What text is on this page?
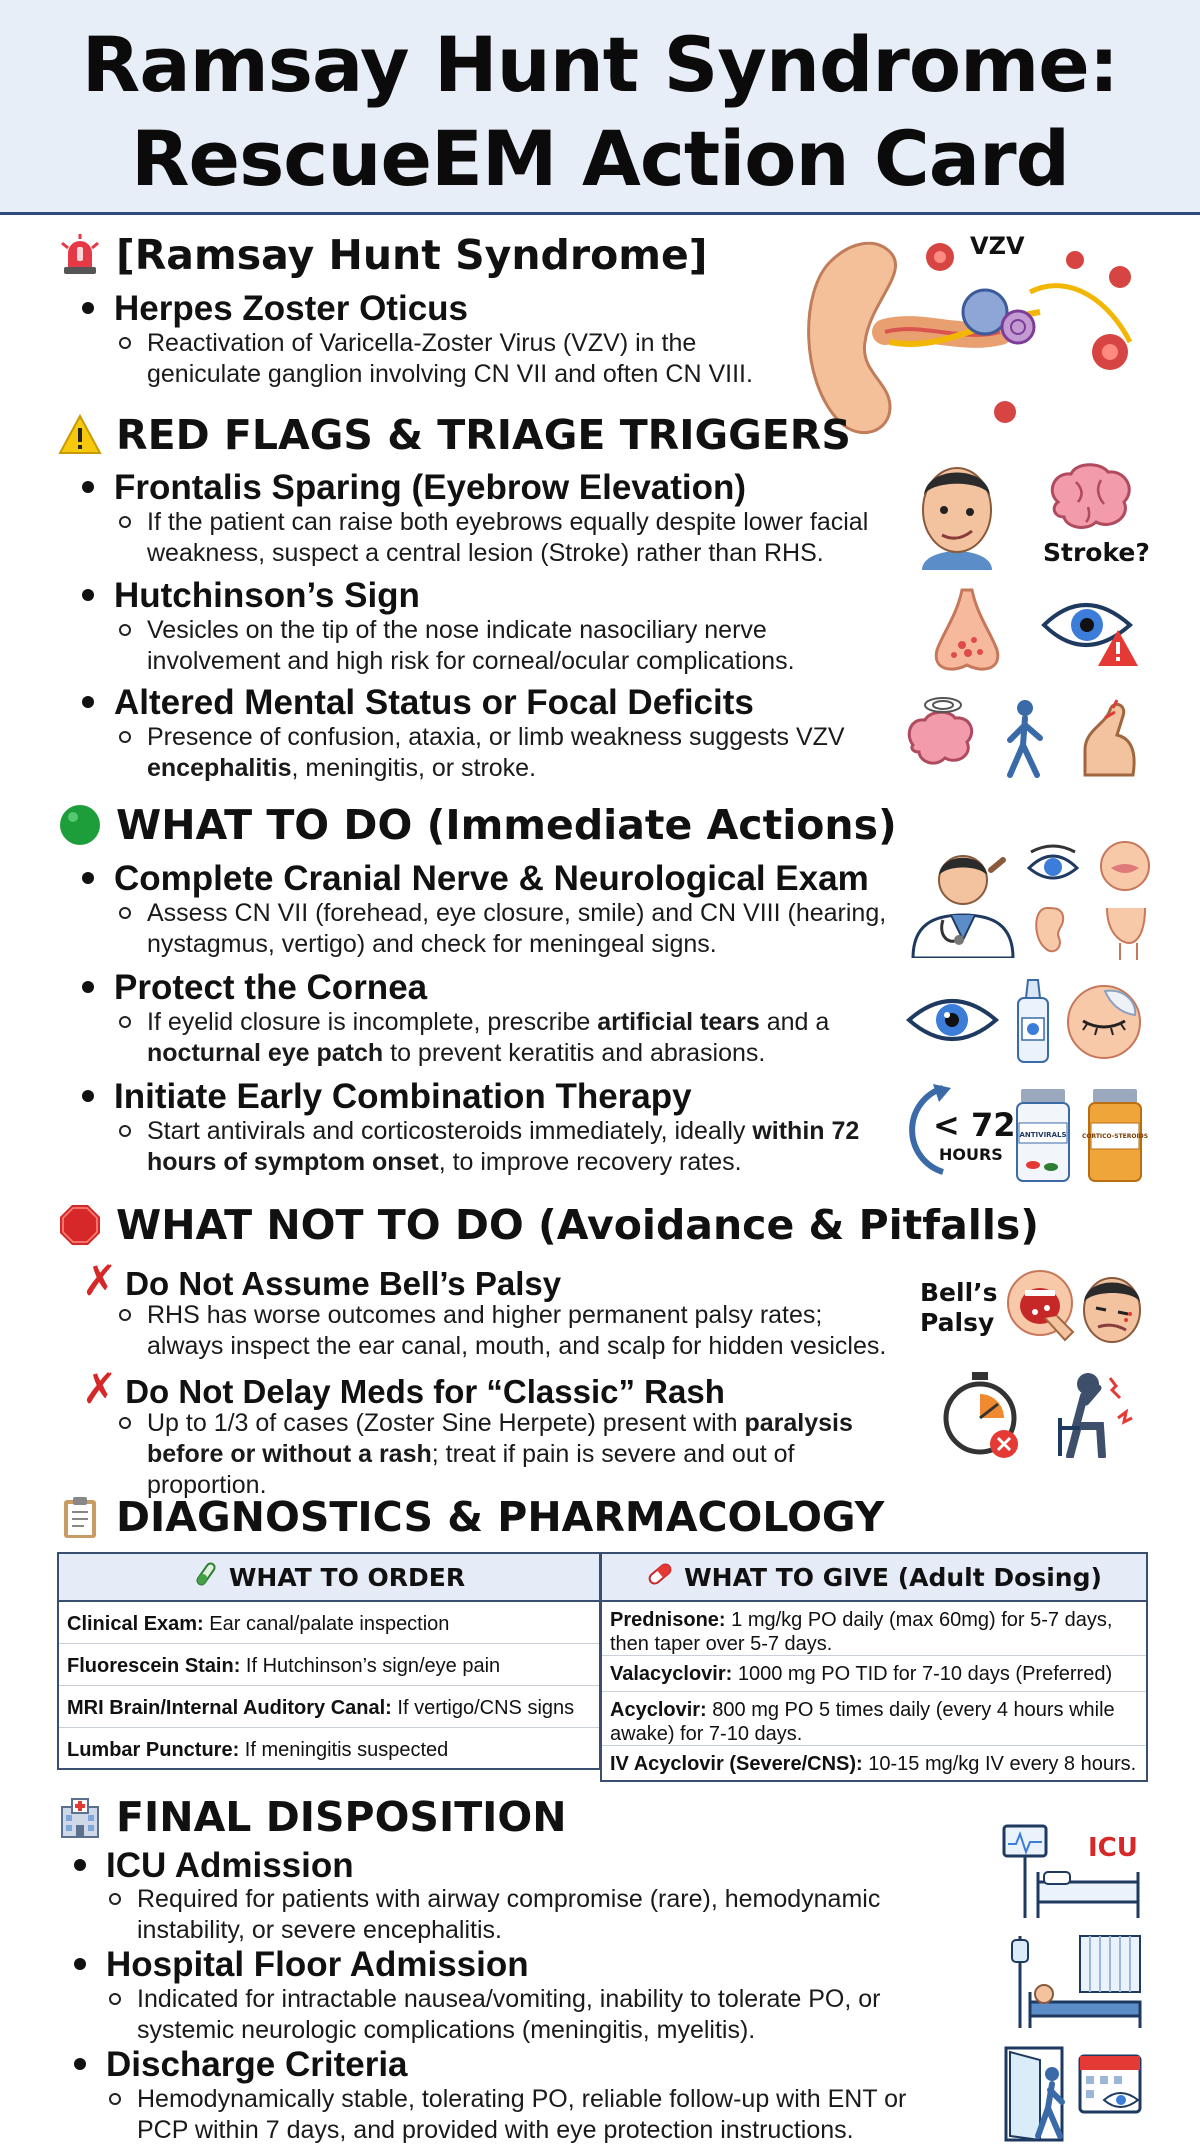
Ramsay Hunt Syndrome:
RescueEM Action Card
[Ramsay Hunt Syndrome]
Herpes Zoster Oticus
Reactivation of Varicella-Zoster Virus (VZV) in the geniculate ganglion involving CN VII and often CN VIII.
VZV
RED FLAGS & TRIAGE TRIGGERS
Frontalis Sparing (Eyebrow Elevation)
If the patient can raise both eyebrows equally despite lower facial weakness, suspect a central lesion (Stroke) rather than RHS.
Hutchinson’s Sign
Vesicles on the tip of the nose indicate nasociliary nerve involvement and high risk for corneal/ocular complications.
Altered Mental Status or Focal Deficits
Presence of confusion, ataxia, or limb weakness suggests VZV encephalitis, meningitis, or stroke.
Stroke?
WHAT TO DO (Immediate Actions)
Complete Cranial Nerve & Neurological Exam
Assess CN VII (forehead, eye closure, smile) and CN VIII (hearing, nystagmus, vertigo) and check for meningeal signs.
Protect the Cornea
If eyelid closure is incomplete, prescribe artificial tears and a nocturnal eye patch to prevent keratitis and abrasions.
Initiate Early Combination Therapy
Start antivirals and corticosteroids immediately, ideally within 72 hours of symptom onset, to improve recovery rates.
< 72
HOURS
ANTIVIRALS	CORTICO-STEROIDS
WHAT NOT TO DO (Avoidance & Pitfalls)
✗ Do Not Assume Bell’s Palsy
RHS has worse outcomes and higher permanent palsy rates; always inspect the ear canal, mouth, and scalp for hidden vesicles.
✗ Do Not Delay Meds for “Classic” Rash
Up to 1/3 of cases (Zoster Sine Herpete) present with paralysis before or without a rash; treat if pain is severe and out of proportion.
Bell’s Palsy
DIAGNOSTICS & PHARMACOLOGY
WHAT TO ORDER
Clinical Exam: Ear canal/palate inspection
Fluorescein Stain: If Hutchinson’s sign/eye pain
MRI Brain/Internal Auditory Canal: If vertigo/CNS signs
Lumbar Puncture: If meningitis suspected
WHAT TO GIVE (Adult Dosing)
Prednisone: 1 mg/kg PO daily (max 60mg) for 5-7 days, then taper over 5-7 days.
Valacyclovir: 1000 mg PO TID for 7-10 days (Preferred)
Acyclovir: 800 mg PO 5 times daily (every 4 hours while awake) for 7-10 days.
IV Acyclovir (Severe/CNS): 10-15 mg/kg IV every 8 hours.
FINAL DISPOSITION
ICU Admission
Required for patients with airway compromise (rare), hemodynamic instability, or severe encephalitis.
Hospital Floor Admission
Indicated for intractable nausea/vomiting, inability to tolerate PO, or systemic neurologic complications (meningitis, myelitis).
Discharge Criteria
Hemodynamically stable, tolerating PO, reliable follow-up with ENT or PCP within 7 days, and provided with eye protection instructions.
ICU
